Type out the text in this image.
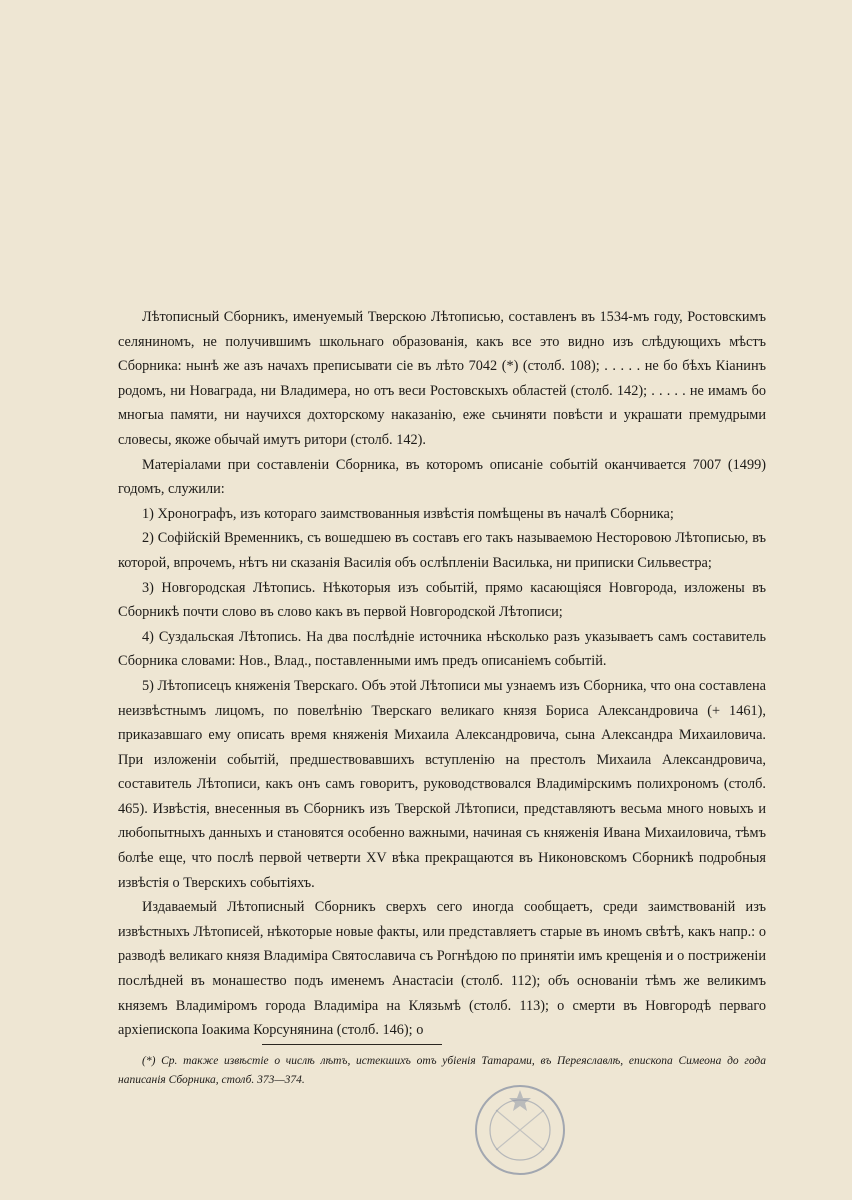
Лѣтописный Сборникъ, именуемый Тверскою Лѣтописью, составленъ въ 1534-мъ году, Ростовскимъ селяниномъ, не получившимъ школьнаго образованія, какъ все это видно изъ слѣдующихъ мѣстъ Сборника: нынѣ же азъ начахъ преписывати сіе въ лѣто 7042 (*) (столб. 108); . . . . . не бо бѣхъ Кіанинъ родомъ, ни Новаграда, ни Владимера, но отъ веси Ростовскыхъ областей (столб. 142); . . . . . не имамъ бо многыа памяти, ни научихся дохторскому наказанію, еже сьчиняти повѣсти и украшати премудрыми словесы, якоже обычай имутъ ритори (столб. 142).

Матеріалами при составленіи Сборника, въ которомъ описаніе событій оканчивается 7007 (1499) годомъ, служили:

1) Хронографъ, изъ котораго заимствованныя извѣстія помѣщены въ началѣ Сборника;

2) Софійскій Временникъ, съ вошедшею въ составъ его такъ называемою Несторовою Лѣтописью, въ которой, впрочемъ, нѣтъ ни сказанія Василія объ ослѣпленіи Василька, ни приписки Сильвестра;

3) Новгородская Лѣтопись. Нѣкоторыя изъ событій, прямо касающіяся Новгорода, изложены въ Сборникѣ почти слово въ слово какъ въ первой Новгородской Лѣтописи;

4) Суздальская Лѣтопись. На два послѣдніе источника нѣсколько разъ указываетъ самъ составитель Сборника словами: Нов., Влад., поставленными имъ предъ описаніемъ событій.

5) Лѣтописецъ княженія Тверскаго. Объ этой Лѣтописи мы узнаемъ изъ Сборника, что она составлена неизвѣстнымъ лицомъ, по повелѣнію Тверскаго великаго князя Бориса Александровича (+ 1461), приказавшаго ему описать время княженія Михаила Александровича, сына Александра Михаиловича. При изложеніи событій, предшествовавшихъ вступленію на престолъ Михаила Александровича, составитель Лѣтописи, какъ онъ самъ говоритъ, руководствовался Владимірскимъ полихрономъ (столб. 465). Извѣстія, внесенныя въ Сборникъ изъ Тверской Лѣтописи, представляютъ весьма много новыхъ и любопытныхъ данныхъ и становятся особенно важными, начиная съ княженія Ивана Михаиловича, тѣмъ болѣе еще, что послѣ первой четверти XV вѣка прекращаются въ Никоновскомъ Сборникѣ подробныя извѣстія о Тверскихъ событіяхъ.

Издаваемый Лѣтописный Сборникъ сверхъ сего иногда сообщаетъ, среди заимствованій изъ извѣстныхъ Лѣтописей, нѣкоторые новые факты, или представляетъ старые въ иномъ свѣтѣ, какъ напр.: о разводѣ великаго князя Владиміра Святославича съ Рогнѣдою по принятіи имъ крещенія и о постриженіи послѣдней въ монашество подъ именемъ Анастасіи (столб. 112); объ основаніи тѣмъ же великимъ княземъ Владиміромъ города Владиміра на Клязьмѣ (столб. 113); о смерти въ Новгородѣ перваго архіепископа Іоакима Корсунянина (столб. 146); о

(*) Ср. также извѣстіе о числѣ лѣтъ, истекшихъ отъ убіенія Татарами, въ Переяславлѣ, епископа Симеона до года написанія Сборника, столб. 373—374.
